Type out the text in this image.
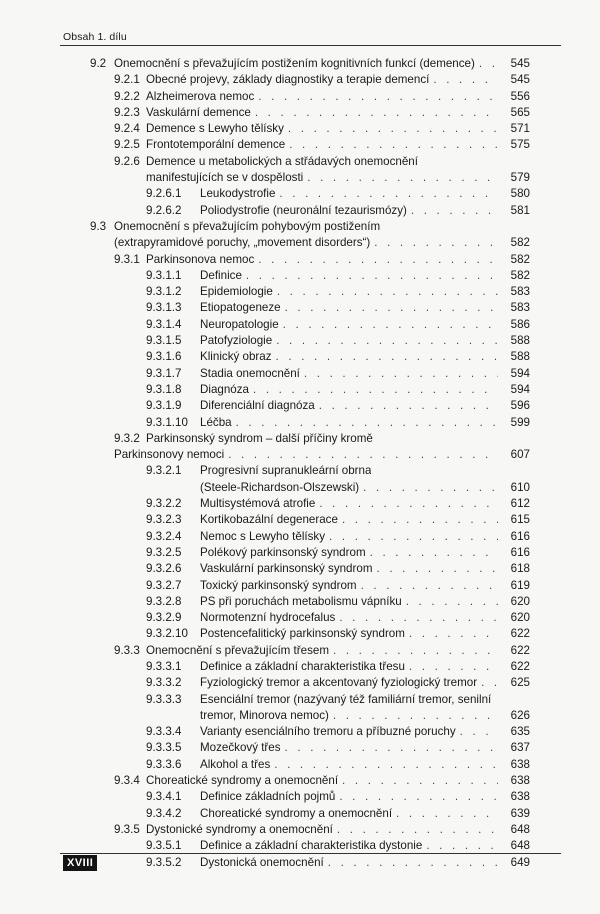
Obsah 1. dílu
9.2 Onemocnění s převažujícím postižením kognitivních funkcí (demence) . . .	545
9.2.1 Obecné projevy, základy diagnostiky a terapie demencí . . .	545
9.2.2 Alzheimerova nemoc . . .	556
9.2.3 Vaskulární demence . . .	565
9.2.4 Demence s Lewyho tělísky . . .	571
9.2.5 Frontotemporální demence . . .	575
9.2.6 Demence u metabolických a střádavých onemocnění
manifestujících se v dospělosti . . .	579
9.2.6.1	Leukodystrofie . . .	580
9.2.6.2	Poliodystrofie (neuronální tezaurismózy) . . .	581
9.3 Onemocnění s převažujícím pohybovým postižením
(extrapyramidové poruchy, „movement disorders“) . . .	582
9.3.1 Parkinsonova nemoc . . .	582
9.3.1.1	Definice . . .	582
9.3.1.2	Epidemiologie . . .	583
9.3.1.3	Etiopatogeneze . . .	583
9.3.1.4	Neuropatologie . . .	586
9.3.1.5	Patofyziologie . . .	588
9.3.1.6	Klinický obraz . . .	588
9.3.1.7	Stadia onemocnění . . .	594
9.3.1.8	Diagnóza . . .	594
9.3.1.9	Diferenciální diagnóza . . .	596
9.3.1.10	Léčba . . .	599
9.3.2 Parkinsonský syndrom – další příčiny kromě
Parkinsonovy nemoci . . .	607
9.3.2.1	Progresivní supranukleární obrna
(Steele-Richardson-Olszewski) . . .	610
9.3.2.2	Multisystémová atrofie . . .	612
9.3.2.3	Kortikobazální degenerace . . .	615
9.3.2.4	Nemoc s Lewyho tělísky . . .	616
9.3.2.5	Polékový parkinsonský syndrom . . .	616
9.3.2.6	Vaskulární parkinsonský syndrom . . .	618
9.3.2.7	Toxický parkinsonský syndrom . . .	619
9.3.2.8	PS při poruchách metabolismu vápníku . . .	620
9.3.2.9	Normotenzní hydrocefalus . . .	620
9.3.2.10	Postencefalitický parkinsonský syndrom . . .	622
9.3.3 Onemocnění s převažujícím třesem . . .	622
9.3.3.1	Definice a základní charakteristika třesu . . .	622
9.3.3.2	Fyziologický tremor a akcentovaný fyziologický tremor . . .	625
9.3.3.3	Esenciální tremor (nazývaný též familiární tremor, senilní
tremor, Minorova nemoc) . . .	626
9.3.3.4	Varianty esenciálního tremoru a příbuzné poruchy . . .	635
9.3.3.5	Mozečkový třes . . .	637
9.3.3.6	Alkohol a třes . . .	638
9.3.4 Choreatické syndromy a onemocnění . . .	638
9.3.4.1	Definice základních pojmů . . .	638
9.3.4.2	Choreatické syndromy a onemocnění . . .	639
9.3.5 Dystonické syndromy a onemocnění . . .	648
9.3.5.1	Definice a základní charakteristika dystonie . . .	648
9.3.5.2	Dystonická onemocnění . . .	649
XVIII
